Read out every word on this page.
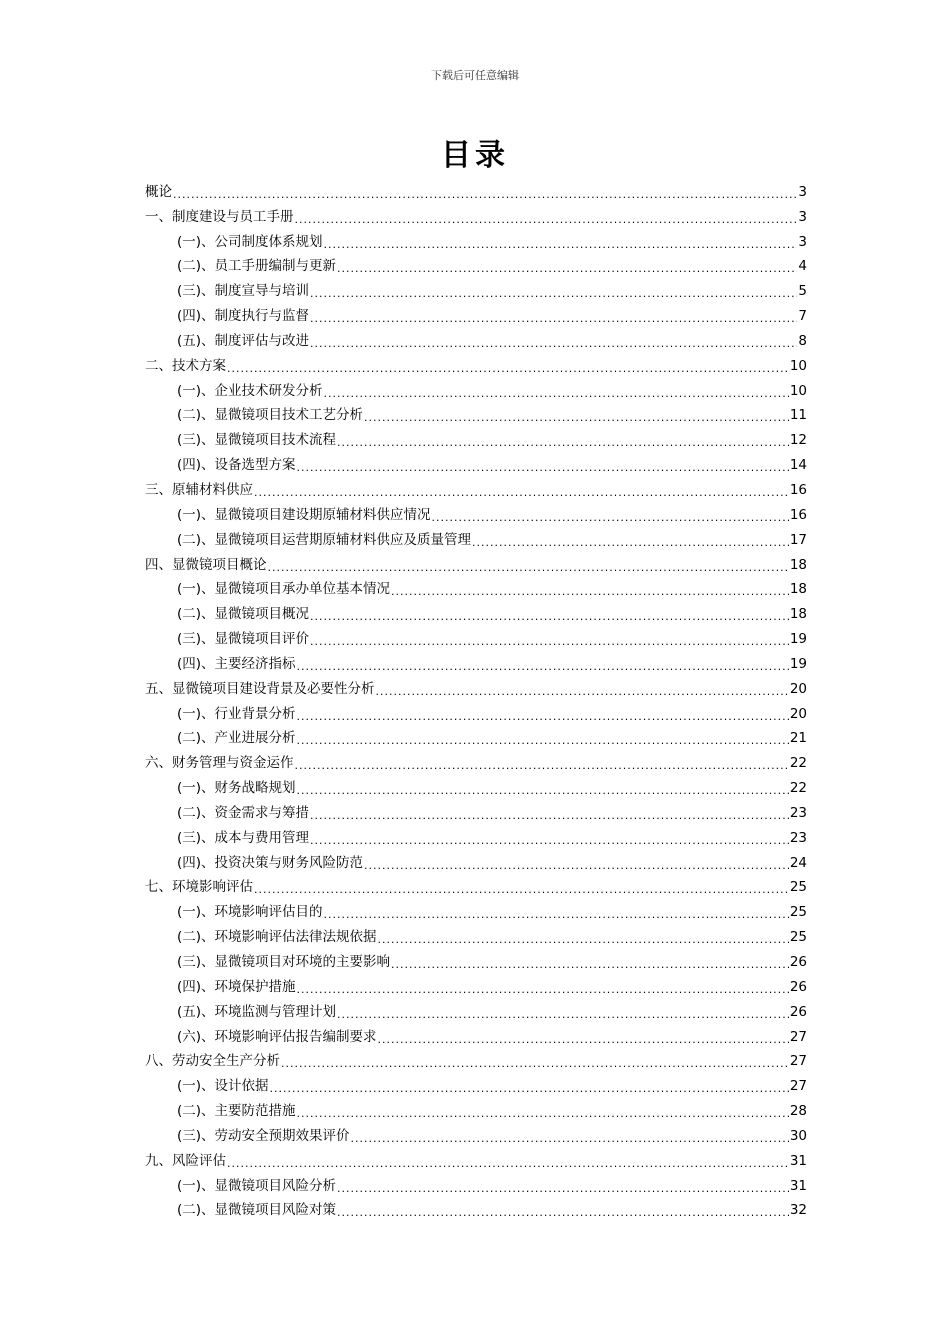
下载后可任意编辑
目录
概论 .....	3
一、制度建设与员工手册 .....	3
(一)、公司制度体系规划 .....	3
(二)、员工手册编制与更新 .....	4
(三)、制度宣导与培训 .....	5
(四)、制度执行与监督 .....	7
(五)、制度评估与改进 .....	8
二、技术方案 .....	10
(一)、企业技术研发分析 .....	10
(二)、显微镜项目技术工艺分析 .....	11
(三)、显微镜项目技术流程 .....	12
(四)、设备选型方案 .....	14
三、原辅材料供应 .....	16
(一)、显微镜项目建设期原辅材料供应情况 .....	16
(二)、显微镜项目运营期原辅材料供应及质量管理 .....	17
四、显微镜项目概论 .....	18
(一)、显微镜项目承办单位基本情况 .....	18
(二)、显微镜项目概况 .....	18
(三)、显微镜项目评价 .....	19
(四)、主要经济指标 .....	19
五、显微镜项目建设背景及必要性分析 .....	20
(一)、行业背景分析 .....	20
(二)、产业进展分析 .....	21
六、财务管理与资金运作 .....	22
(一)、财务战略规划 .....	22
(二)、资金需求与筹措 .....	23
(三)、成本与费用管理 .....	23
(四)、投资决策与财务风险防范 .....	24
七、环境影响评估 .....	25
(一)、环境影响评估目的 .....	25
(二)、环境影响评估法律法规依据 .....	25
(三)、显微镜项目对环境的主要影响 .....	26
(四)、环境保护措施 .....	26
(五)、环境监测与管理计划 .....	26
(六)、环境影响评估报告编制要求 .....	27
八、劳动安全生产分析 .....	27
(一)、设计依据 .....	27
(二)、主要防范措施 .....	28
(三)、劳动安全预期效果评价 .....	30
九、风险评估 .....	31
(一)、显微镜项目风险分析 .....	31
(二)、显微镜项目风险对策 .....	32
